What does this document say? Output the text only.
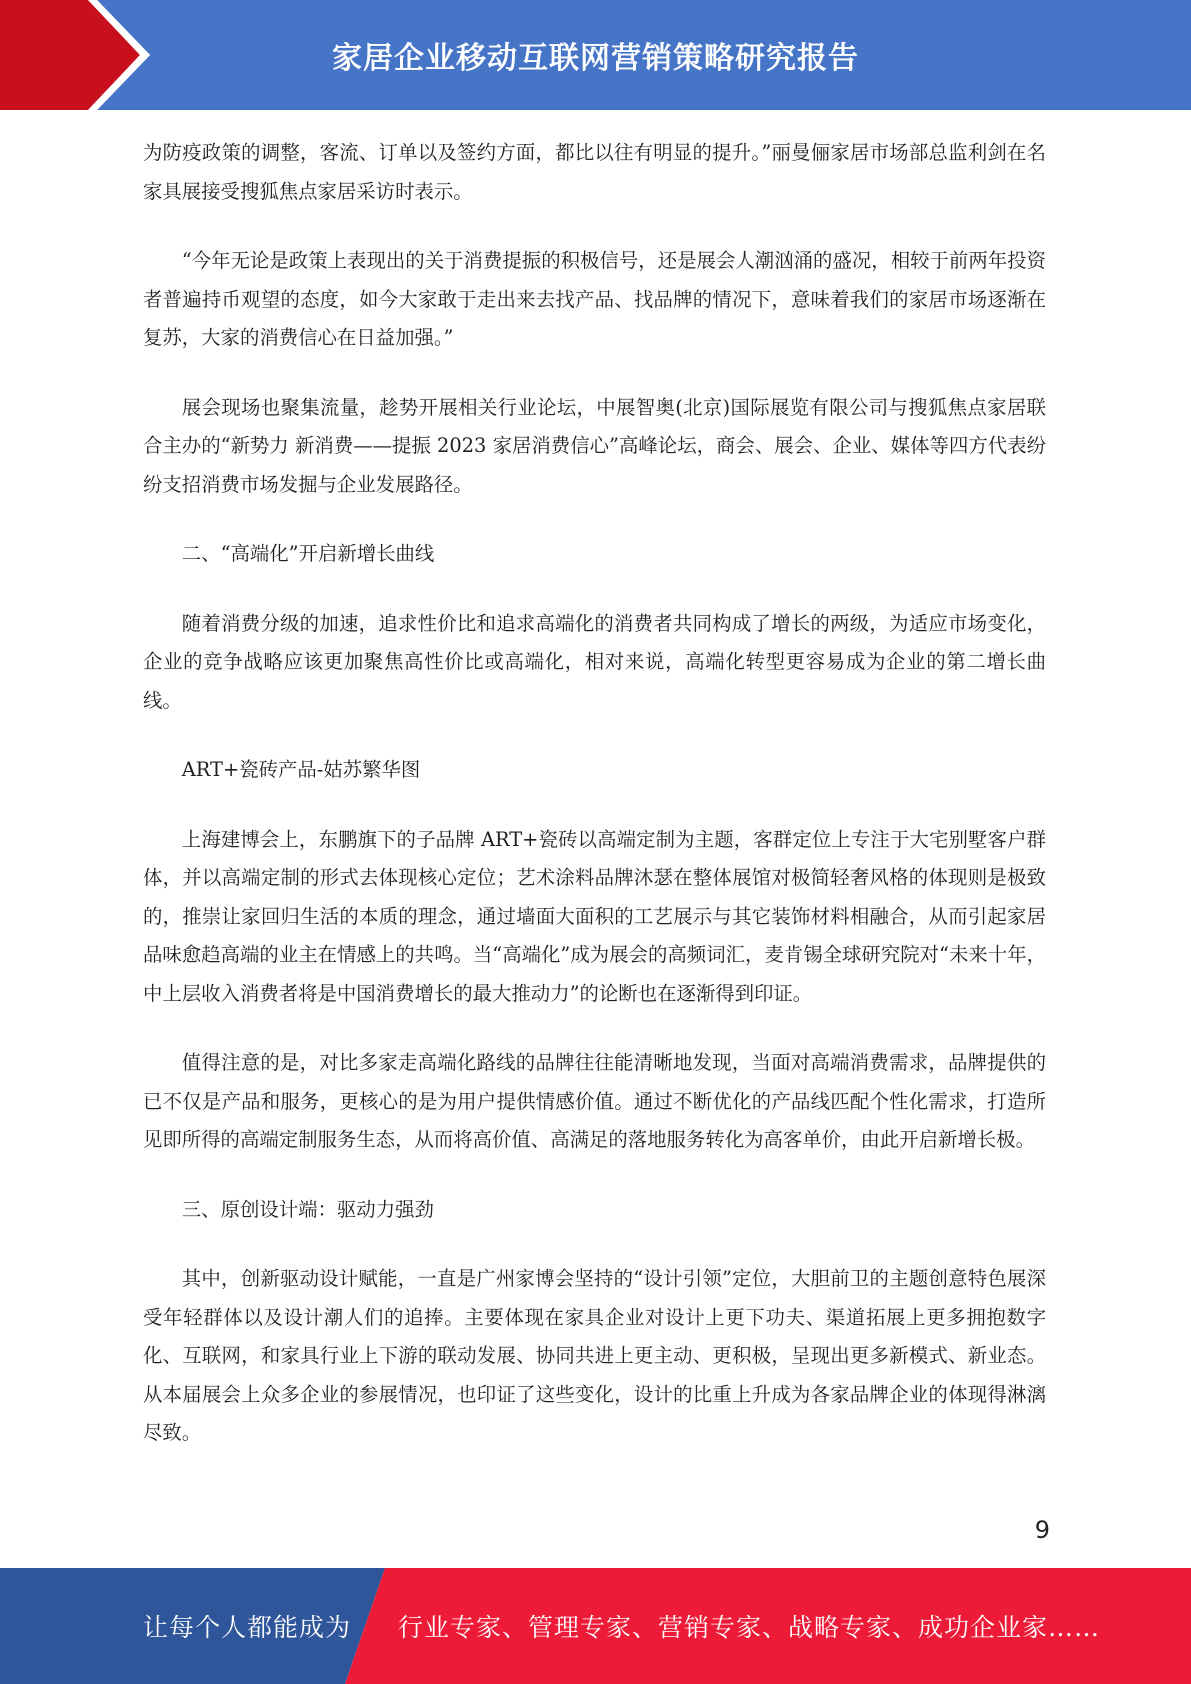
家居企业移动互联网营销策略研究报告

为防疫政策的调整，客流、订单以及签约方面，都比以往有明显的提升。”丽曼俪家居市场部总监利剑在名家具展接受搜狐焦点家居采访时表示。

“今年无论是政策上表现出的关于消费提振的积极信号，还是展会人潮汹涌的盛况，相较于前两年投资者普遍持币观望的态度，如今大家敢于走出来去找产品、找品牌的情况下，意味着我们的家居市场逐渐在复苏，大家的消费信心在日益加强。”

展会现场也聚集流量，趁势开展相关行业论坛，中展智奥(北京)国际展览有限公司与搜狐焦点家居联合主办的“新势力 新消费——提振 2023 家居消费信心”高峰论坛，商会、展会、企业、媒体等四方代表纷纷支招消费市场发掘与企业发展路径。

二、“高端化”开启新增长曲线

随着消费分级的加速，追求性价比和追求高端化的消费者共同构成了增长的两级，为适应市场变化，企业的竞争战略应该更加聚焦高性价比或高端化，相对来说，高端化转型更容易成为企业的第二增长曲线。

ART+瓷砖产品-姑苏繁华图

上海建博会上，东鹏旗下的子品牌 ART+瓷砖以高端定制为主题，客群定位上专注于大宅别墅客户群体，并以高端定制的形式去体现核心定位；艺术涂料品牌沐瑟在整体展馆对极简轻奢风格的体现则是极致的，推崇让家回归生活的本质的理念，通过墙面大面积的工艺展示与其它装饰材料相融合，从而引起家居品味愈趋高端的业主在情感上的共鸣。当“高端化”成为展会的高频词汇，麦肯锡全球研究院对“未来十年，中上层收入消费者将是中国消费增长的最大推动力”的论断也在逐渐得到印证。

值得注意的是，对比多家走高端化路线的品牌往往能清晰地发现，当面对高端消费需求，品牌提供的已不仅是产品和服务，更核心的是为用户提供情感价值。通过不断优化的产品线匹配个性化需求，打造所见即所得的高端定制服务生态，从而将高价值、高满足的落地服务转化为高客单价，由此开启新增长极。

三、原创设计端：驱动力强劲

其中，创新驱动设计赋能，一直是广州家博会坚持的“设计引领”定位，大胆前卫的主题创意特色展深受年轻群体以及设计潮人们的追捧。主要体现在家具企业对设计上更下功夫、渠道拓展上更多拥抱数字化、互联网，和家具行业上下游的联动发展、协同共进上更主动、更积极，呈现出更多新模式、新业态。从本届展会上众多企业的参展情况，也印证了这些变化，设计的比重上升成为各家品牌企业的体现得淋漓尽致。

9
让每个人都能成为 行业专家、管理专家、营销专家、战略专家、成功企业家……
